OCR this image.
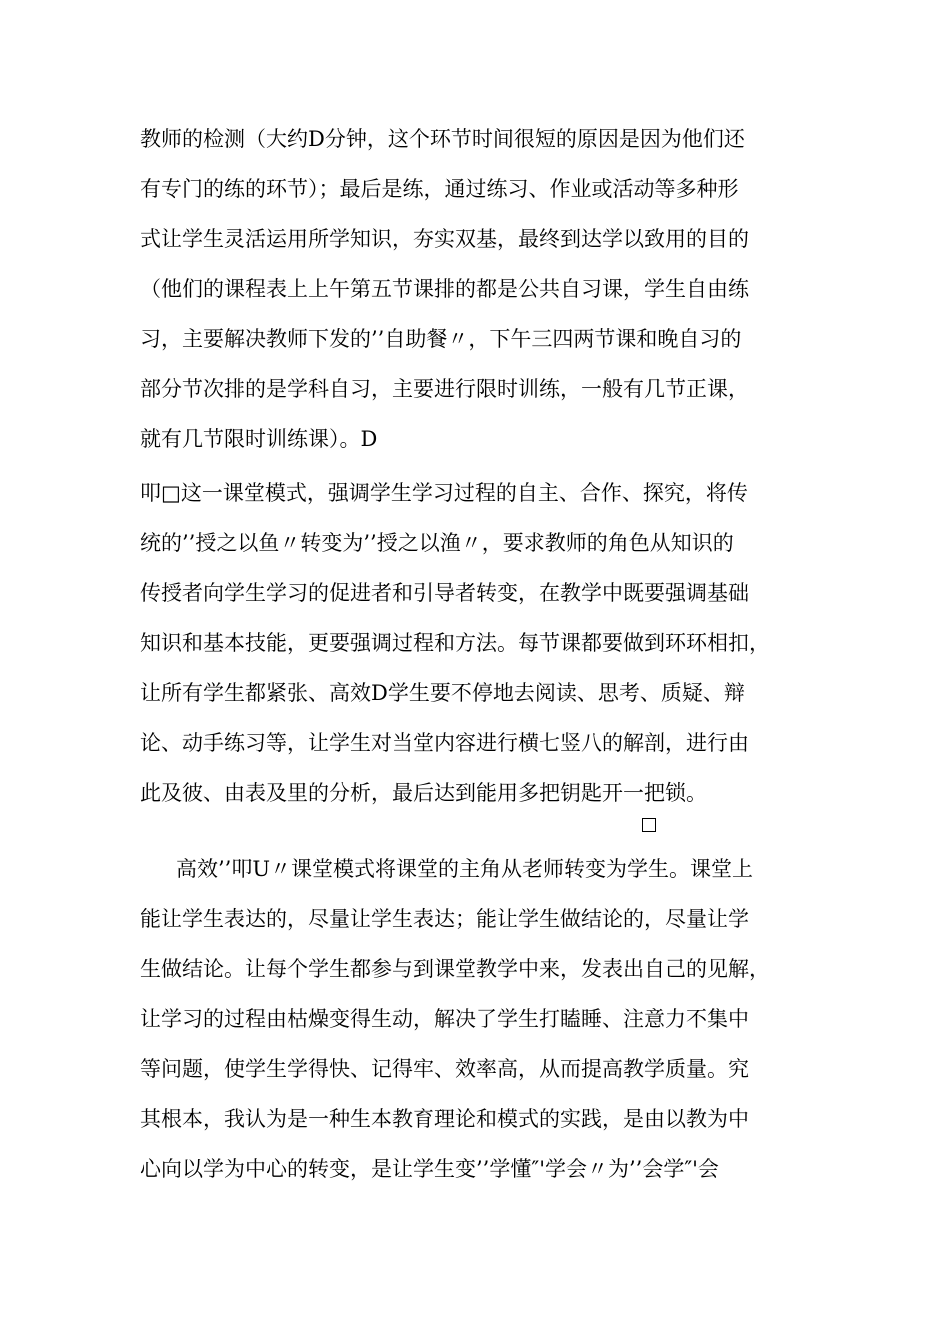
教师的检测（大约D分钟，这个环节时间很短的原因是因为他们还
有专门的练的环节）；最后是练，通过练习、作业或活动等多种形
式让学生灵活运用所学知识，夯实双基，最终到达学以致用的目的
（他们的课程表上上午第五节课排的都是公共自习课，学生自由练
习，主要解决教师下发的’’自助餐〃，下午三四两节课和晚自习的
部分节次排的是学科自习，主要进行限时训练，一般有几节正课，
就有几节限时训练课）。D
叩□这一课堂模式，强调学生学习过程的自主、合作、探究，将传
统的’’授之以鱼〃转变为’’授之以渔〃，要求教师的角色从知识的
传授者向学生学习的促进者和引导者转变，在教学中既要强调基础
知识和基本技能，更要强调过程和方法。每节课都要做到环环相扣，
让所有学生都紧张、高效D学生要不停地去阅读、思考、质疑、辩
论、动手练习等，让学生对当堂内容进行横七竖八的解剖，进行由
此及彼、由表及里的分析，最后达到能用多把钥匙开一把锁。
高效’’叩U〃课堂模式将课堂的主角从老师转变为学生。课堂上
能让学生表达的，尽量让学生表达；能让学生做结论的，尽量让学
生做结论。让每个学生都参与到课堂教学中来，发表出自己的见解，
让学习的过程由枯燥变得生动，解决了学生打瞌睡、注意力不集中
等问题，使学生学得快、记得牢、效率高，从而提高教学质量。究
其根本，我认为是一种生本教育理论和模式的实践，是由以教为中
心向以学为中心的转变，是让学生变’’学懂″'学会〃为’’会学″'会
